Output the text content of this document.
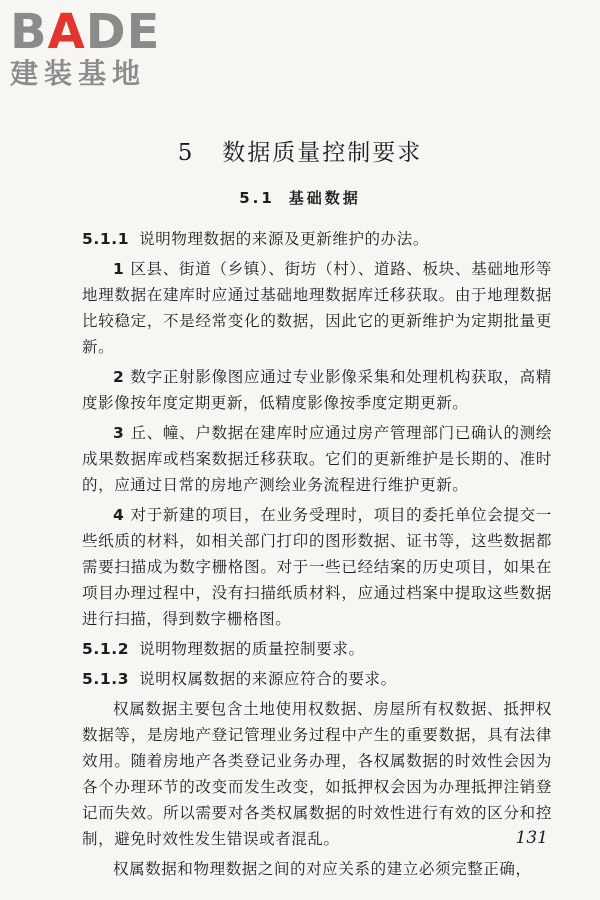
BADE
建装基地
5 数据质量控制要求
5.1 基础数据

5.1.1 说明物理数据的来源及更新维护的办法。

1 区县、街道（乡镇）、街坊（村）、道路、板块、基础地形等地理数据在建库时应通过基础地理数据库迁移获取。由于地理数据比较稳定，不是经常变化的数据，因此它的更新维护为定期批量更新。

2 数字正射影像图应通过专业影像采集和处理机构获取，高精度影像按年度定期更新，低精度影像按季度定期更新。

3 丘、幢、户数据在建库时应通过房产管理部门已确认的测绘成果数据库或档案数据迁移获取。它们的更新维护是长期的、准时的，应通过日常的房地产测绘业务流程进行维护更新。

4 对于新建的项目，在业务受理时，项目的委托单位会提交一些纸质的材料，如相关部门打印的图形数据、证书等，这些数据都需要扫描成为数字栅格图。对于一些已经结案的历史项目，如果在项目办理过程中，没有扫描纸质材料，应通过档案中提取这些数据进行扫描，得到数字栅格图。

5.1.2 说明物理数据的质量控制要求。

5.1.3 说明权属数据的来源应符合的要求。

权属数据主要包含土地使用权数据、房屋所有权数据、抵押权数据等，是房地产登记管理业务过程中产生的重要数据，具有法律效用。随着房地产各类登记业务办理，各权属数据的时效性会因为各个办理环节的改变而发生改变，如抵押权会因为办理抵押注销登记而失效。所以需要对各类权属数据的时效性进行有效的区分和控制，避免时效性发生错误或者混乱。

权属数据和物理数据之间的对应关系的建立必须完整正确，

131
